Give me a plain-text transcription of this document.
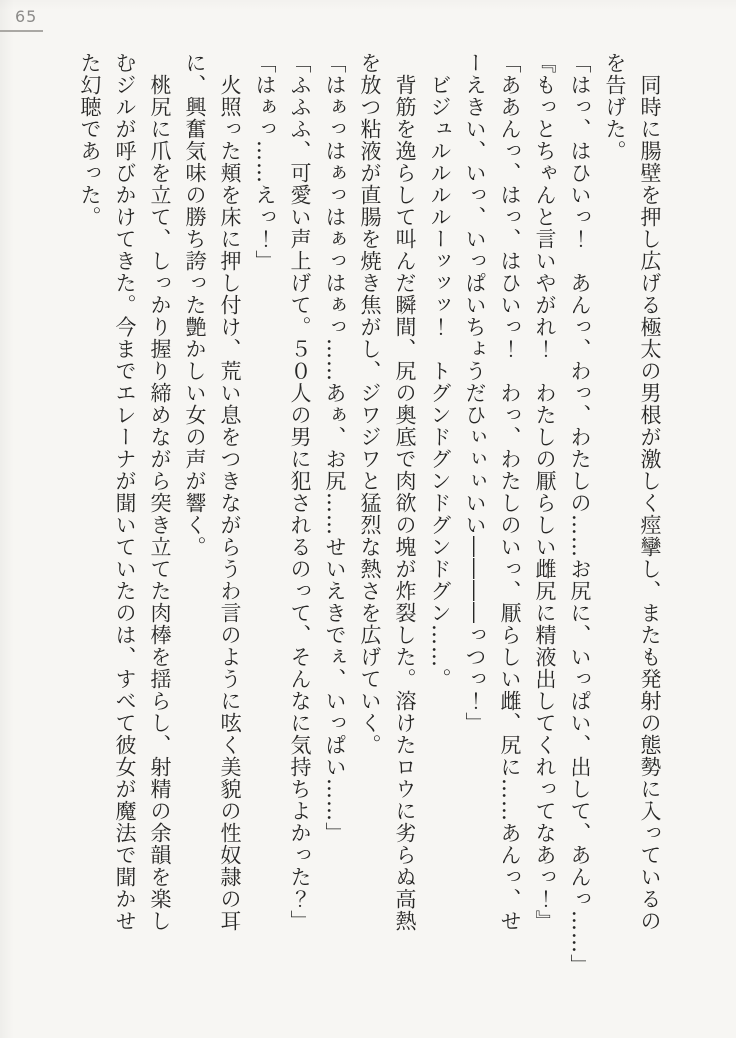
65

　同時に腸壁を押し広げる極太の男根が激しく痙攣し、またも発射の態勢に入っているの

を告げた。

「はっ、はひいっ！　あんっ、わっ、わたしの……お尻に、いっぱい、出して、あんっ……」

『もっとちゃんと言いやがれ！　わたしの厭らしい雌尻に精液出してくれってなあっ！』

「ああんっ、はっ、はひいっ！　わっ、わたしのいっ、厭らしい雌、尻に……あんっ、せ

ーえきい、いっ、いっぱいちょうだひぃぃぃいい――――っつっ！」

　ビジュルルルルーッッッ！　トグンドグンドグンドグン……。

　背筋を逸らして叫んだ瞬間、尻の奥底で肉欲の塊が炸裂した。溶けたロウに劣らぬ高熱

を放つ粘液が直腸を焼き焦がし、ジワジワと猛烈な熱さを広げていく。

「はぁっはぁっはぁっはぁっ……あぁ、お尻……せいえきでぇ、いっぱい……」

「ふふふ、可愛い声上げて。５０人の男に犯されるのって、そんなに気持ちよかった？」

「はぁっ……えっ！」

　火照った頬を床に押し付け、荒い息をつきながらうわ言のように呟く美貌の性奴隷の耳

に、興奮気味の勝ち誇った艶かしい女の声が響く。

　桃尻に爪を立て、しっかり握り締めながら突き立てた肉棒を揺らし、射精の余韻を楽し

むジルが呼びかけてきた。今までエレーナが聞いていたのは、すべて彼女が魔法で聞かせ

た幻聴であった。
